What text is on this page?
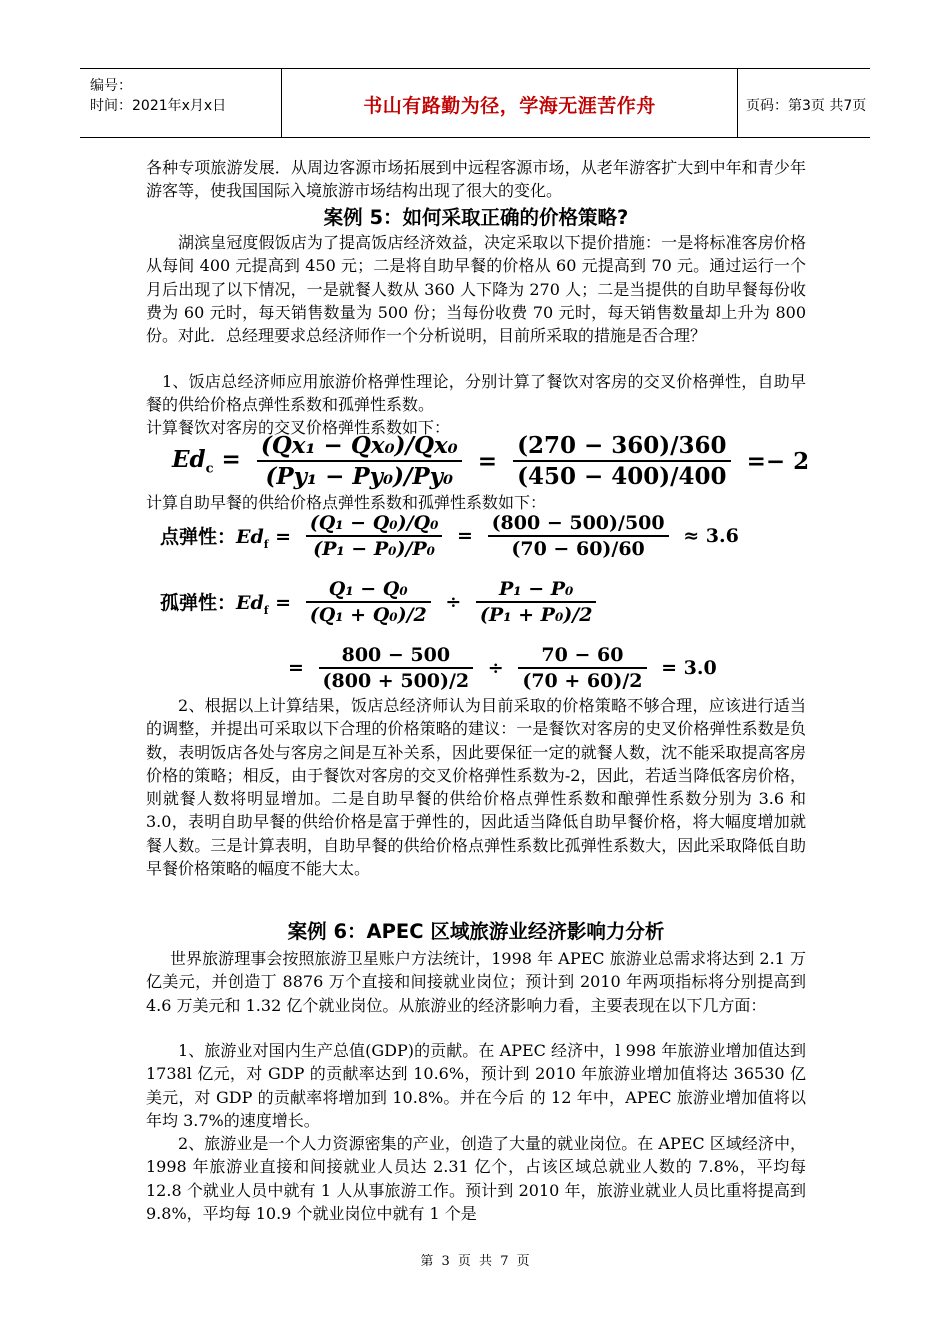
编号：
时间：2021年x月x日	书山有路勤为径，学海无涯苦作舟	页码：第3页 共7页

各种专项旅游发展．从周边客源市场拓展到中远程客源市场，从老年游客扩大到中年和青少年游客等，使我国国际入境旅游市场结构出现了很大的变化。

案例 5：如何采取正确的价格策略?

湖滨皇冠度假饭店为了提高饭店经济效益，决定采取以下提价措施：一是将标准客房价格从每间 400 元提高到 450 元；二是将自助早餐的价格从 60 元提高到 70 元。通过运行一个月后出现了以下情况，一是就餐人数从 360 人下降为 270 人；二是当提供的自助早餐每份收费为 60 元时，每天销售数量为 500 份；当每份收费 70 元时，每天销售数量却上升为 800 份。对此．总经理要求总经济师作一个分析说明，目前所采取的措施是否合理？

1、饭店总经济师应用旅游价格弹性理论，分别计算了餐饮对客房的交叉价格弹性，自助早餐的供给价格点弹性系数和孤弹性系数。

计算餐饮对客房的交叉价格弹性系数如下：

$Ed_c = \frac{\text{(Qx₁ − Qx₀)/Qx₀}}{\text{(Py₁ − Py₀)/Py₀}} = \frac{(270 - 360)/360}{(450 - 400)/400} =- 2$

计算自助早餐的供给价格点弹性系数和孤弹性系数如下：

点弹性：$Ed_f = \frac{\text{(Q₁ − Q₀)/Q₀}}{\text{(P₁ − P₀)/P₀}} = \frac{(800 - 500)/500}{(70 - 60)/60} \approx 3.6$
孤弹性：$Ed_f = \frac{\text{Q₁ − Q₀}}{\text{(Q₁ + Q₀)/2}} \div \frac{\text{P₁ − P₀}}{\text{(P₁ + P₀)/2}}$
= $\frac{800 - 500}{(800 + 500)/2} \div \frac{70 - 60}{(70 + 60)/2} = 3.0$

2、根据以上计算结果，饭店总经济师认为目前采取的价格策略不够合理，应该进行适当的调整，并提出可采取以下合理的价格策略的建议：一是餐饮对客房的史叉价格弹性系数是负数，表明饭店各处与客房之间是互补关系，因此要保征一定的就餐人数，沈不能采取提高客房价格的策略；相反，由于餐饮对客房的交叉价格弹性系数为-2，因此，若适当降低客房价格，则就餐人数将明显增加。二是自助早餐的供给价格点弹性系数和酿弹性系数分别为 3.6 和 3.0，表明自助早餐的供给价格是富于弹性的，因此适当降低自助早餐价格，将大幅度增加就餐人数。三是计算表明，自助早餐的供给价格点弹性系数比孤弹性系数大，因此采取降低自助早餐价格策略的幅度不能大太。

案例 6：APEC 区域旅游业经济影响力分析

世界旅游理事会按照旅游卫星账户方法统计，1998 年 APEC 旅游业总需求将达到 2.1 万亿美元，并创造丁 8876 万个直接和间接就业岗位；预计到 2010 年两项指标将分别提高到 4.6 万美元和 1.32 亿个就业岗位。从旅游业的经济影响力看，主要表现在以下几方面：

1、旅游业对国内生产总值(GDP)的贡献。在 APEC 经济中，l 998 年旅游业增加值达到 1738l 亿元，对 GDP 的贡献率达到 10.6%，预计到 2010 年旅游业增加值将达 36530 亿美元，对 GDP 的贡献率将增加到 10.8%。并在今后 的 12 年中，APEC 旅游业增加值将以年均 3.7%的速度增长。

2、旅游业是一个人力资源密集的产业，创造了大量的就业岗位。在 APEC 区域经济中，1998 年旅游业直接和间接就业人员达 2.31 亿个，占该区域总就业人数的 7.8%，平均每 12.8 个就业人员中就有 1 人从事旅游工作。预计到 2010 年，旅游业就业人员比重将提高到 9.8%，平均每 10.9 个就业岗位中就有 1 个是

第 3 页 共 7 页
